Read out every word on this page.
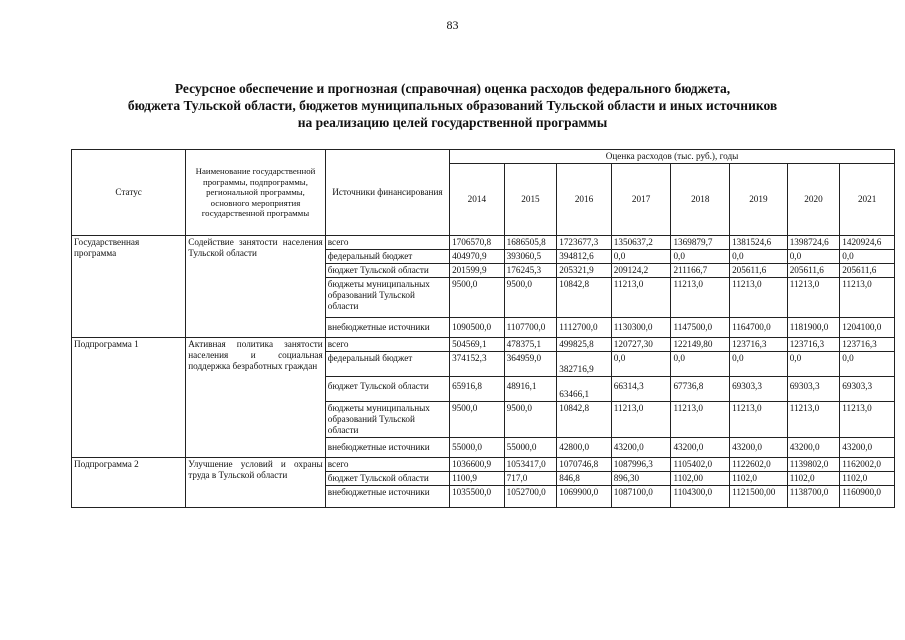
83
Ресурсное обеспечение и прогнозная (справочная) оценка расходов федерального бюджета,
бюджета Тульской области, бюджетов муниципальных образований Тульской области и иных источников
на реализацию целей государственной программы
Статус	Наименование государственной программы, подпрограммы, региональной программы, основного мероприятия государственной программы	Источники финансирования	Оценка расходов (тыс. руб.), годы							
			2014	2015	2016	2017	2018	2019	2020	2021
Государственная программа	Содействие занятости населения Тульской области	всего	1706570,8	1686505,8	1723677,3	1350637,2	1369879,7	1381524,6	1398724,6	1420924,6
		федеральный бюджет	404970,9	393060,5	394812,6	0,0	0,0	0,0	0,0	0,0
		бюджет Тульской области	201599,9	176245,3	205321,9	209124,2	211166,7	205611,6	205611,6	205611,6
		бюджеты муниципальных образований Тульской области	9500,0	9500,0	10842,8	11213,0	11213,0	11213,0	11213,0	11213,0
		внебюджетные источники	1090500,0	1107700,0	1112700,0	1130300,0	1147500,0	1164700,0	1181900,0	1204100,0
Подпрограмма 1	Активная политика занятости населения и социальная поддержка безработных граждан	всего	504569,1	478375,1	499825,8	120727,30	122149,80	123716,3	123716,3	123716,3
		федеральный бюджет	374152,3	364959,0	382716,9	0,0	0,0	0,0	0,0	0,0
		бюджет Тульской области	65916,8	48916,1	63466,1	66314,3	67736,8	69303,3	69303,3	69303,3
		бюджеты муниципальных образований Тульской области	9500,0	9500,0	10842,8	11213,0	11213,0	11213,0	11213,0	11213,0
		внебюджетные источники	55000,0	55000,0	42800,0	43200,0	43200,0	43200,0	43200,0	43200,0
Подпрограмма 2	Улучшение условий и охраны труда в Тульской области	всего	1036600,9	1053417,0	1070746,8	1087996,3	1105402,0	1122602,0	1139802,0	1162002,0
		бюджет Тульской области	1100,9	717,0	846,8	896,30	1102,00	1102,0	1102,0	1102,0
		внебюджетные источники	1035500,0	1052700,0	1069900,0	1087100,0	1104300,0	1121500,00	1138700,0	1160900,0
